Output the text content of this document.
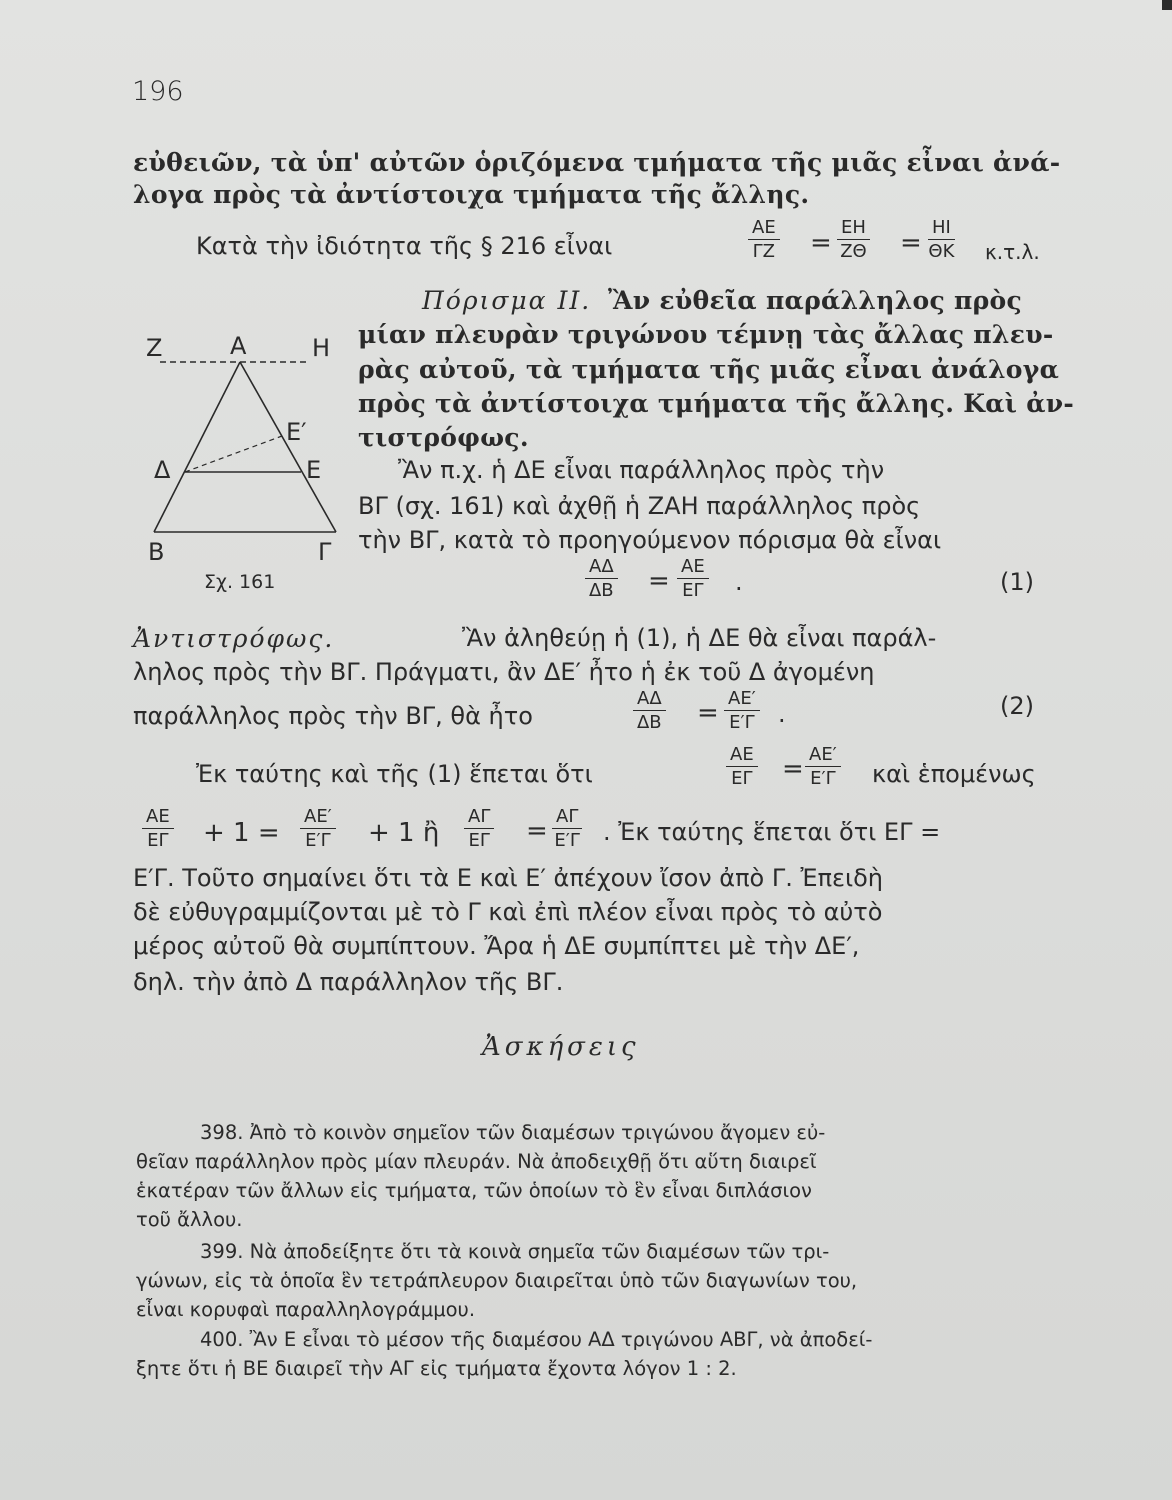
196
εὐθειῶν, τὰ ὑπ' αὐτῶν ὁριζόμενα τμήματα τῆς μιᾶς εἶναι ἀνά-
λογα πρὸς τὰ ἀντίστοιχα τμήματα τῆς ἄλλης.
Κατὰ τὴν ἰδιότητα τῆς § 216 εἶναι	$\frac{AE}{\Gamma Z} = \frac{EH}{Z\Theta} = \frac{HI}{\Theta K} \kappa.\tau.\lambda$.
Πόρισμα ΙΙ. Ἂν εὐθεῖα παράλληλος πρὸς
μίαν πλευρὰν τριγώνου τέμνῃ τὰς ἄλλας πλευ-
ρὰς αὐτοῦ, τὰ τμήματα τῆς μιᾶς εἶναι ἀνάλογα
πρὸς τὰ ἀντίστοιχα τμήματα τῆς ἄλλης. Καὶ ἀν-
τιστρόφως.
Ζ	Α	Η
Ε′
Δ	Ε
Β	Γ
Σχ. 161
Ἂν π.χ. ἡ ΔΕ εἶναι παράλληλος πρὸς τὴν
ΒΓ (σχ. 161) καὶ ἀχθῇ ἡ ΖΑΗ παράλληλος πρὸς
τὴν ΒΓ, κατὰ τὸ προηγούμενον πόρισμα θὰ εἶναι
$\frac{A\Delta}{\Delta B} = \frac{AE}{E\Gamma}$ .	(1)
Ἀντιστρόφως.	Ἂν ἀληθεύῃ ἡ (1), ἡ ΔΕ θὰ εἶναι παράλ-
ληλος πρὸς τὴν ΒΓ. Πράγματι, ἂν ΔΕ′ ἦτο ἡ ἐκ τοῦ Δ ἀγομένη
παράλληλος πρὸς τὴν ΒΓ, θὰ ἦτο	$\frac{A\Delta}{\Delta B} = \frac{AE'}{E'\Gamma}$ .	(2)
Ἐκ ταύτης καὶ τῆς (1) ἕπεται ὅτι	$\frac{AE}{E\Gamma} = \frac{AE'}{E'\Gamma}$ καὶ ἑπομένως
$\frac{AE}{E\Gamma} + 1 = \frac{AE'}{E'\Gamma} + 1$ ἢ $\frac{A\Gamma}{E\Gamma} = \frac{A\Gamma}{E'\Gamma}$ . Ἐκ ταύτης ἕπεται ὅτι ΕΓ =
Ε′Γ. Τοῦτο σημαίνει ὅτι τὰ Ε καὶ Ε′ ἀπέχουν ἴσον ἀπὸ Γ. Ἐπειδὴ
δὲ εὐθυγραμμίζονται μὲ τὸ Γ καὶ ἐπὶ πλέον εἶναι πρὸς τὸ αὐτὸ
μέρος αὐτοῦ θὰ συμπίπτουν. Ἄρα ἡ ΔΕ συμπίπτει μὲ τὴν ΔΕ′,
δηλ. τὴν ἀπὸ Δ παράλληλον τῆς ΒΓ.
Ἀσκήσεις
398. Ἀπὸ τὸ κοινὸν σημεῖον τῶν διαμέσων τριγώνου ἄγομεν εὐ-
θεῖαν παράλληλον πρὸς μίαν πλευράν. Νὰ ἀποδειχθῇ ὅτι αὕτη διαιρεῖ
ἑκατέραν τῶν ἄλλων εἰς τμήματα, τῶν ὁποίων τὸ ἓν εἶναι διπλάσιον
τοῦ ἄλλου.
399. Νὰ ἀποδείξητε ὅτι τὰ κοινὰ σημεῖα τῶν διαμέσων τῶν τρι-
γώνων, εἰς τὰ ὁποῖα ἓν τετράπλευρον διαιρεῖται ὑπὸ τῶν διαγωνίων του,
εἶναι κορυφαὶ παραλληλογράμμου.
400. Ἂν Ε εἶναι τὸ μέσον τῆς διαμέσου ΑΔ τριγώνου ΑΒΓ, νὰ ἀποδεί-
ξητε ὅτι ἡ ΒΕ διαιρεῖ τὴν ΑΓ εἰς τμήματα ἔχοντα λόγον 1 : 2.
